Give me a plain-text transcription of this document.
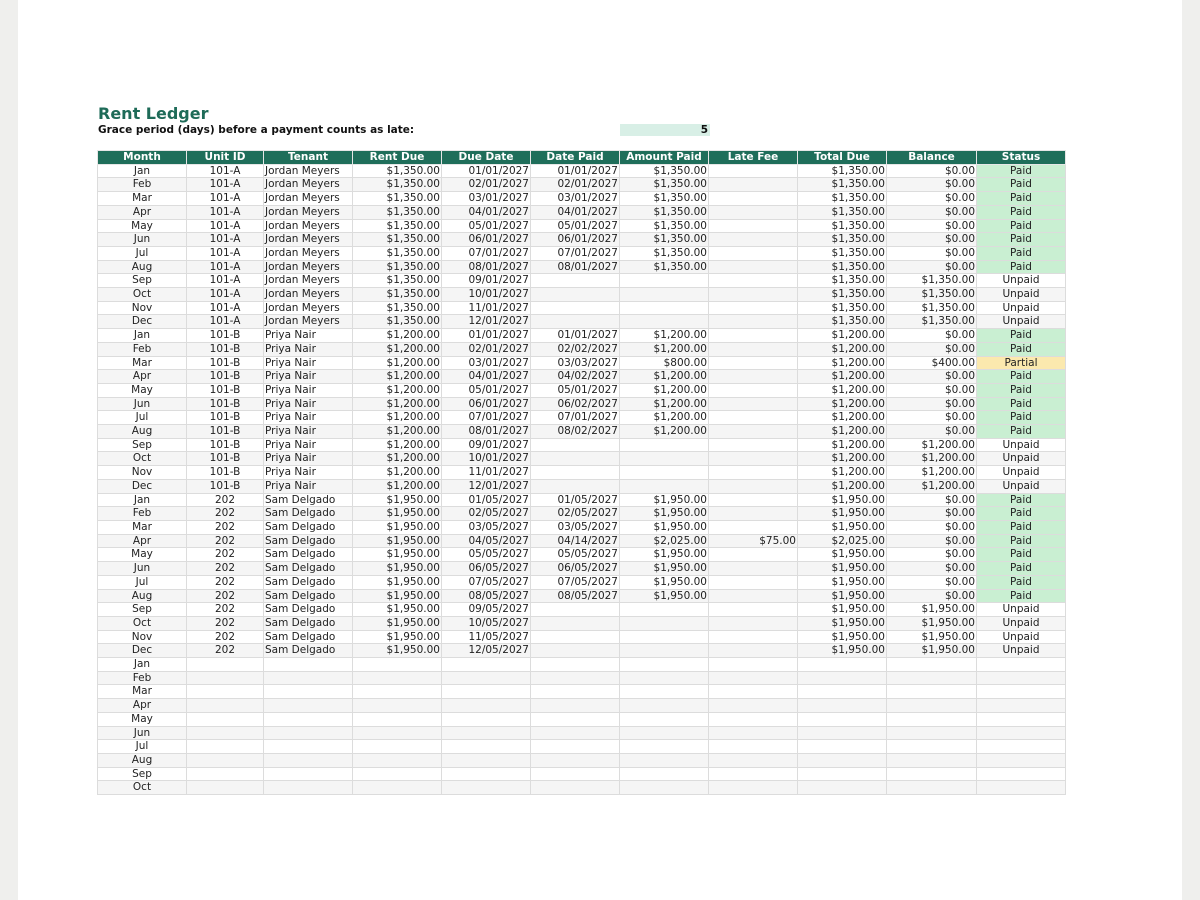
Rent Ledger
Grace period (days) before a payment counts as late:	5
Month	Unit ID	Tenant	Rent Due	Due Date	Date Paid	Amount Paid	Late Fee	Total Due	Balance	Status
Jan	101-A	Jordan Meyers	$1,350.00	01/01/2027	01/01/2027	$1,350.00		$1,350.00	$0.00	Paid
Feb	101-A	Jordan Meyers	$1,350.00	02/01/2027	02/01/2027	$1,350.00		$1,350.00	$0.00	Paid
Mar	101-A	Jordan Meyers	$1,350.00	03/01/2027	03/01/2027	$1,350.00		$1,350.00	$0.00	Paid
Apr	101-A	Jordan Meyers	$1,350.00	04/01/2027	04/01/2027	$1,350.00		$1,350.00	$0.00	Paid
May	101-A	Jordan Meyers	$1,350.00	05/01/2027	05/01/2027	$1,350.00		$1,350.00	$0.00	Paid
Jun	101-A	Jordan Meyers	$1,350.00	06/01/2027	06/01/2027	$1,350.00		$1,350.00	$0.00	Paid
Jul	101-A	Jordan Meyers	$1,350.00	07/01/2027	07/01/2027	$1,350.00		$1,350.00	$0.00	Paid
Aug	101-A	Jordan Meyers	$1,350.00	08/01/2027	08/01/2027	$1,350.00		$1,350.00	$0.00	Paid
Sep	101-A	Jordan Meyers	$1,350.00	09/01/2027				$1,350.00	$1,350.00	Unpaid
Oct	101-A	Jordan Meyers	$1,350.00	10/01/2027				$1,350.00	$1,350.00	Unpaid
Nov	101-A	Jordan Meyers	$1,350.00	11/01/2027				$1,350.00	$1,350.00	Unpaid
Dec	101-A	Jordan Meyers	$1,350.00	12/01/2027				$1,350.00	$1,350.00	Unpaid
Jan	101-B	Priya Nair	$1,200.00	01/01/2027	01/01/2027	$1,200.00		$1,200.00	$0.00	Paid
Feb	101-B	Priya Nair	$1,200.00	02/01/2027	02/02/2027	$1,200.00		$1,200.00	$0.00	Paid
Mar	101-B	Priya Nair	$1,200.00	03/01/2027	03/03/2027	$800.00		$1,200.00	$400.00	Partial
Apr	101-B	Priya Nair	$1,200.00	04/01/2027	04/02/2027	$1,200.00		$1,200.00	$0.00	Paid
May	101-B	Priya Nair	$1,200.00	05/01/2027	05/01/2027	$1,200.00		$1,200.00	$0.00	Paid
Jun	101-B	Priya Nair	$1,200.00	06/01/2027	06/02/2027	$1,200.00		$1,200.00	$0.00	Paid
Jul	101-B	Priya Nair	$1,200.00	07/01/2027	07/01/2027	$1,200.00		$1,200.00	$0.00	Paid
Aug	101-B	Priya Nair	$1,200.00	08/01/2027	08/02/2027	$1,200.00		$1,200.00	$0.00	Paid
Sep	101-B	Priya Nair	$1,200.00	09/01/2027				$1,200.00	$1,200.00	Unpaid
Oct	101-B	Priya Nair	$1,200.00	10/01/2027				$1,200.00	$1,200.00	Unpaid
Nov	101-B	Priya Nair	$1,200.00	11/01/2027				$1,200.00	$1,200.00	Unpaid
Dec	101-B	Priya Nair	$1,200.00	12/01/2027				$1,200.00	$1,200.00	Unpaid
Jan	202	Sam Delgado	$1,950.00	01/05/2027	01/05/2027	$1,950.00		$1,950.00	$0.00	Paid
Feb	202	Sam Delgado	$1,950.00	02/05/2027	02/05/2027	$1,950.00		$1,950.00	$0.00	Paid
Mar	202	Sam Delgado	$1,950.00	03/05/2027	03/05/2027	$1,950.00		$1,950.00	$0.00	Paid
Apr	202	Sam Delgado	$1,950.00	04/05/2027	04/14/2027	$2,025.00	$75.00	$2,025.00	$0.00	Paid
May	202	Sam Delgado	$1,950.00	05/05/2027	05/05/2027	$1,950.00		$1,950.00	$0.00	Paid
Jun	202	Sam Delgado	$1,950.00	06/05/2027	06/05/2027	$1,950.00		$1,950.00	$0.00	Paid
Jul	202	Sam Delgado	$1,950.00	07/05/2027	07/05/2027	$1,950.00		$1,950.00	$0.00	Paid
Aug	202	Sam Delgado	$1,950.00	08/05/2027	08/05/2027	$1,950.00		$1,950.00	$0.00	Paid
Sep	202	Sam Delgado	$1,950.00	09/05/2027				$1,950.00	$1,950.00	Unpaid
Oct	202	Sam Delgado	$1,950.00	10/05/2027				$1,950.00	$1,950.00	Unpaid
Nov	202	Sam Delgado	$1,950.00	11/05/2027				$1,950.00	$1,950.00	Unpaid
Dec	202	Sam Delgado	$1,950.00	12/05/2027				$1,950.00	$1,950.00	Unpaid
Jan										
Feb										
Mar										
Apr										
May										
Jun										
Jul										
Aug										
Sep										
Oct										
